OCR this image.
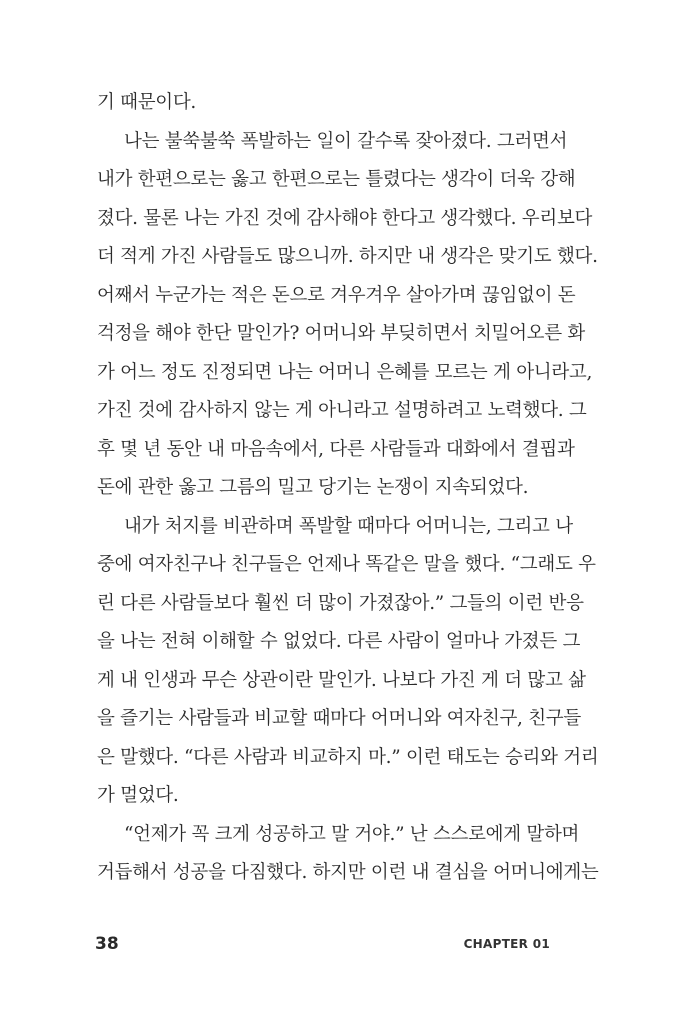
기 때문이다.
나는 불쑥불쑥 폭발하는 일이 갈수록 잦아졌다. 그러면서
내가 한편으로는 옳고 한편으로는 틀렸다는 생각이 더욱 강해
졌다. 물론 나는 가진 것에 감사해야 한다고 생각했다. 우리보다
더 적게 가진 사람들도 많으니까. 하지만 내 생각은 맞기도 했다.
어째서 누군가는 적은 돈으로 겨우겨우 살아가며 끊임없이 돈
걱정을 해야 한단 말인가? 어머니와 부딪히면서 치밀어오른 화
가 어느 정도 진정되면 나는 어머니 은혜를 모르는 게 아니라고,
가진 것에 감사하지 않는 게 아니라고 설명하려고 노력했다. 그
후 몇 년 동안 내 마음속에서, 다른 사람들과 대화에서 결핍과
돈에 관한 옳고 그름의 밀고 당기는 논쟁이 지속되었다.
내가 처지를 비관하며 폭발할 때마다 어머니는, 그리고 나
중에 여자친구나 친구들은 언제나 똑같은 말을 했다. “그래도 우
린 다른 사람들보다 훨씬 더 많이 가졌잖아.” 그들의 이런 반응
을 나는 전혀 이해할 수 없었다. 다른 사람이 얼마나 가졌든 그
게 내 인생과 무슨 상관이란 말인가. 나보다 가진 게 더 많고 삶
을 즐기는 사람들과 비교할 때마다 어머니와 여자친구, 친구들
은 말했다. “다른 사람과 비교하지 마.” 이런 태도는 승리와 거리
가 멀었다.
“언제가 꼭 크게 성공하고 말 거야.” 난 스스로에게 말하며
거듭해서 성공을 다짐했다. 하지만 이런 내 결심을 어머니에게는
38	CHAPTER 01
